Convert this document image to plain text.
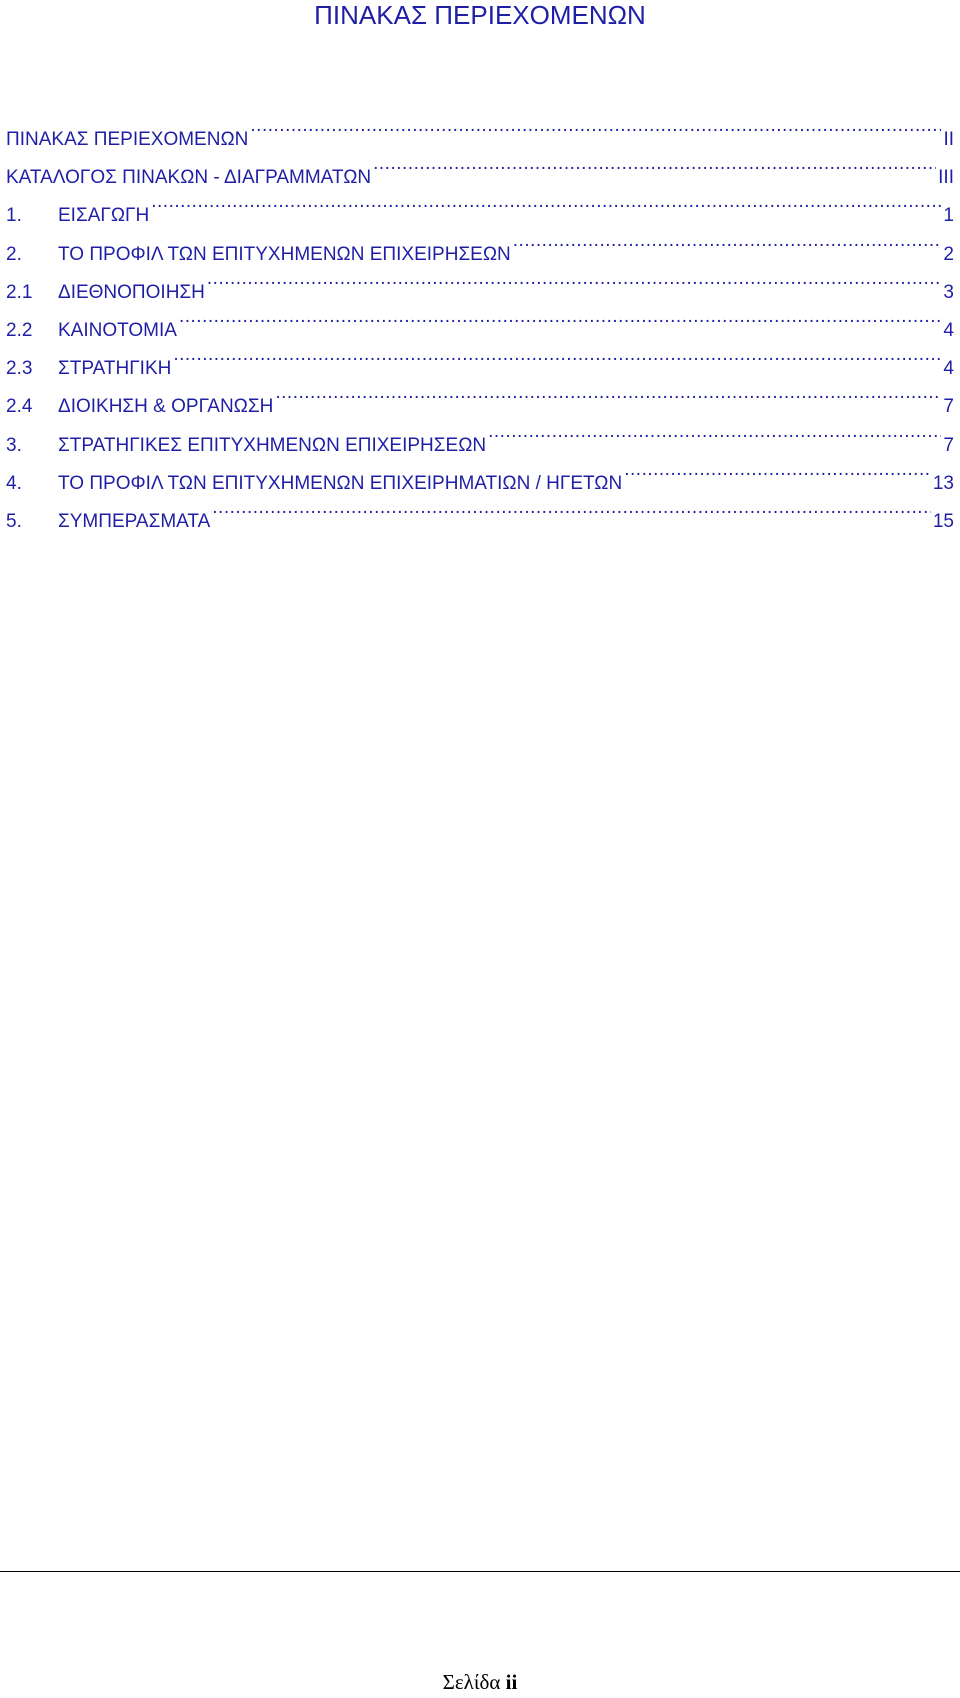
ΠΙΝΑΚΑΣ ΠΕΡΙΕΧΟΜΕΝΩΝ
ΠΙΝΑΚΑΣ ΠΕΡΙΕΧΟΜΕΝΩΝ .....	II
ΚΑΤΑΛΟΓΟΣ ΠΙΝΑΚΩΝ - ΔΙΑΓΡΑΜΜΑΤΩΝ .....	III
1.	ΕΙΣΑΓΩΓΗ .....	1
2.	ΤΟ ΠΡΟΦΙΛ ΤΩΝ ΕΠΙΤΥΧΗΜΕΝΩΝ ΕΠΙΧΕΙΡΗΣΕΩΝ .....	2
2.1	ΔΙΕΘΝΟΠΟΙΗΣΗ .....	3
2.2	ΚΑΙΝΟΤΟΜΙΑ .....	4
2.3	ΣΤΡΑΤΗΓΙΚΗ .....	4
2.4	ΔΙΟΙΚΗΣΗ & ΟΡΓΑΝΩΣΗ .....	7
3.	ΣΤΡΑΤΗΓΙΚΕΣ ΕΠΙΤΥΧΗΜΕΝΩΝ ΕΠΙΧΕΙΡΗΣΕΩΝ .....	7
4.	ΤΟ ΠΡΟΦΙΛ ΤΩΝ ΕΠΙΤΥΧΗΜΕΝΩΝ ΕΠΙΧΕΙΡΗΜΑΤΙΩΝ / ΗΓΕΤΩΝ .....	13
5.	ΣΥΜΠΕΡΑΣΜΑΤΑ .....	15
Σελίδα ii
